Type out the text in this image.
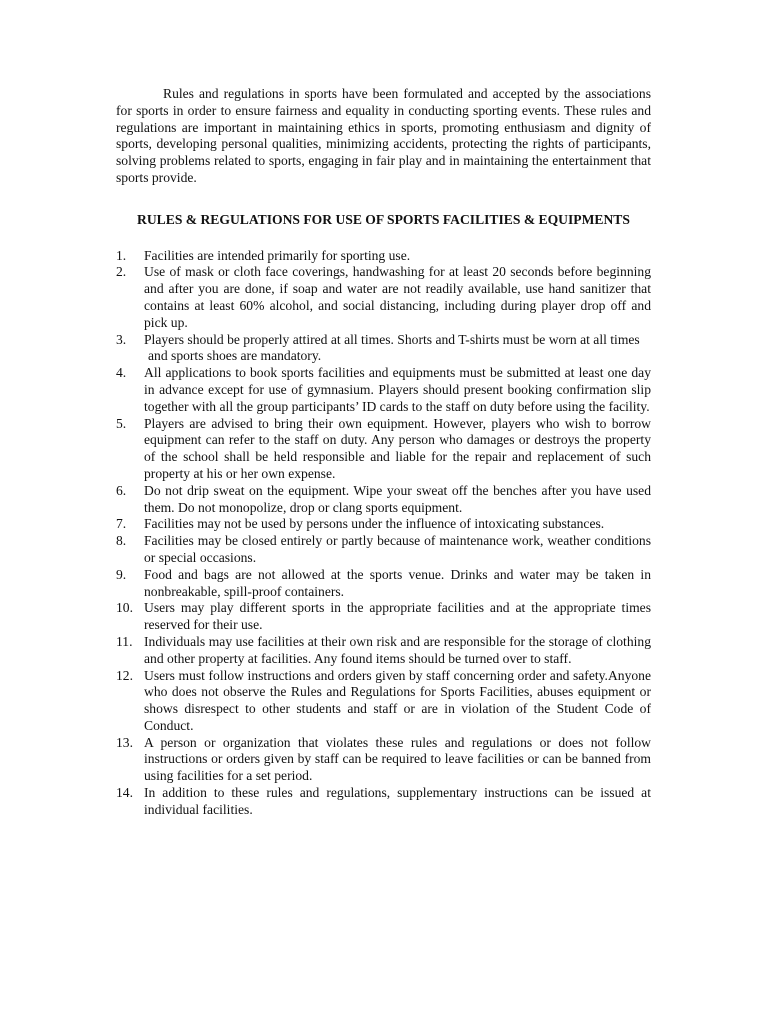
Rules and regulations in sports have been formulated and accepted by the associations for sports in order to ensure fairness and equality in conducting sporting events. These rules and regulations are important in maintaining ethics in sports, promoting enthusiasm and dignity of sports, developing personal qualities, minimizing accidents, protecting the rights of participants, solving problems related to sports, engaging in fair play and in maintaining the entertainment that sports provide.

RULES & REGULATIONS FOR USE OF SPORTS FACILITIES & EQUIPMENTS
1. Facilities are intended primarily for sporting use.
2. Use of mask or cloth face coverings, handwashing for at least 20 seconds before beginning and after you are done, if soap and water are not readily available, use hand sanitizer that contains at least 60% alcohol, and social distancing, including during player drop off and pick up.
3. Players should be properly attired at all times. Shorts and T-shirts must be worn at all times
and sports shoes are mandatory.
4. All applications to book sports facilities and equipments must be submitted at least one day in advance except for use of gymnasium. Players should present booking confirmation slip together with all the group participants’ ID cards to the staff on duty before using the facility.
5. Players are advised to bring their own equipment. However, players who wish to borrow equipment can refer to the staff on duty. Any person who damages or destroys the property of the school shall be held responsible and liable for the repair and replacement of such property at his or her own expense.
6. Do not drip sweat on the equipment. Wipe your sweat off the benches after you have used them. Do not monopolize, drop or clang sports equipment.
7. Facilities may not be used by persons under the influence of intoxicating substances.
8. Facilities may be closed entirely or partly because of maintenance work, weather conditions or special occasions.
9. Food and bags are not allowed at the sports venue. Drinks and water may be taken in nonbreakable, spill-proof containers.
10. Users may play different sports in the appropriate facilities and at the appropriate times reserved for their use.
11. Individuals may use facilities at their own risk and are responsible for the storage of clothing and other property at facilities. Any found items should be turned over to staff.
12. Users must follow instructions and orders given by staff concerning order and safety.Anyone who does not observe the Rules and Regulations for Sports Facilities, abuses equipment or shows disrespect to other students and staff or are in violation of the Student Code of Conduct.
13. A person or organization that violates these rules and regulations or does not follow instructions or orders given by staff can be required to leave facilities or can be banned from using facilities for a set period.
14. In addition to these rules and regulations, supplementary instructions can be issued at individual facilities.
